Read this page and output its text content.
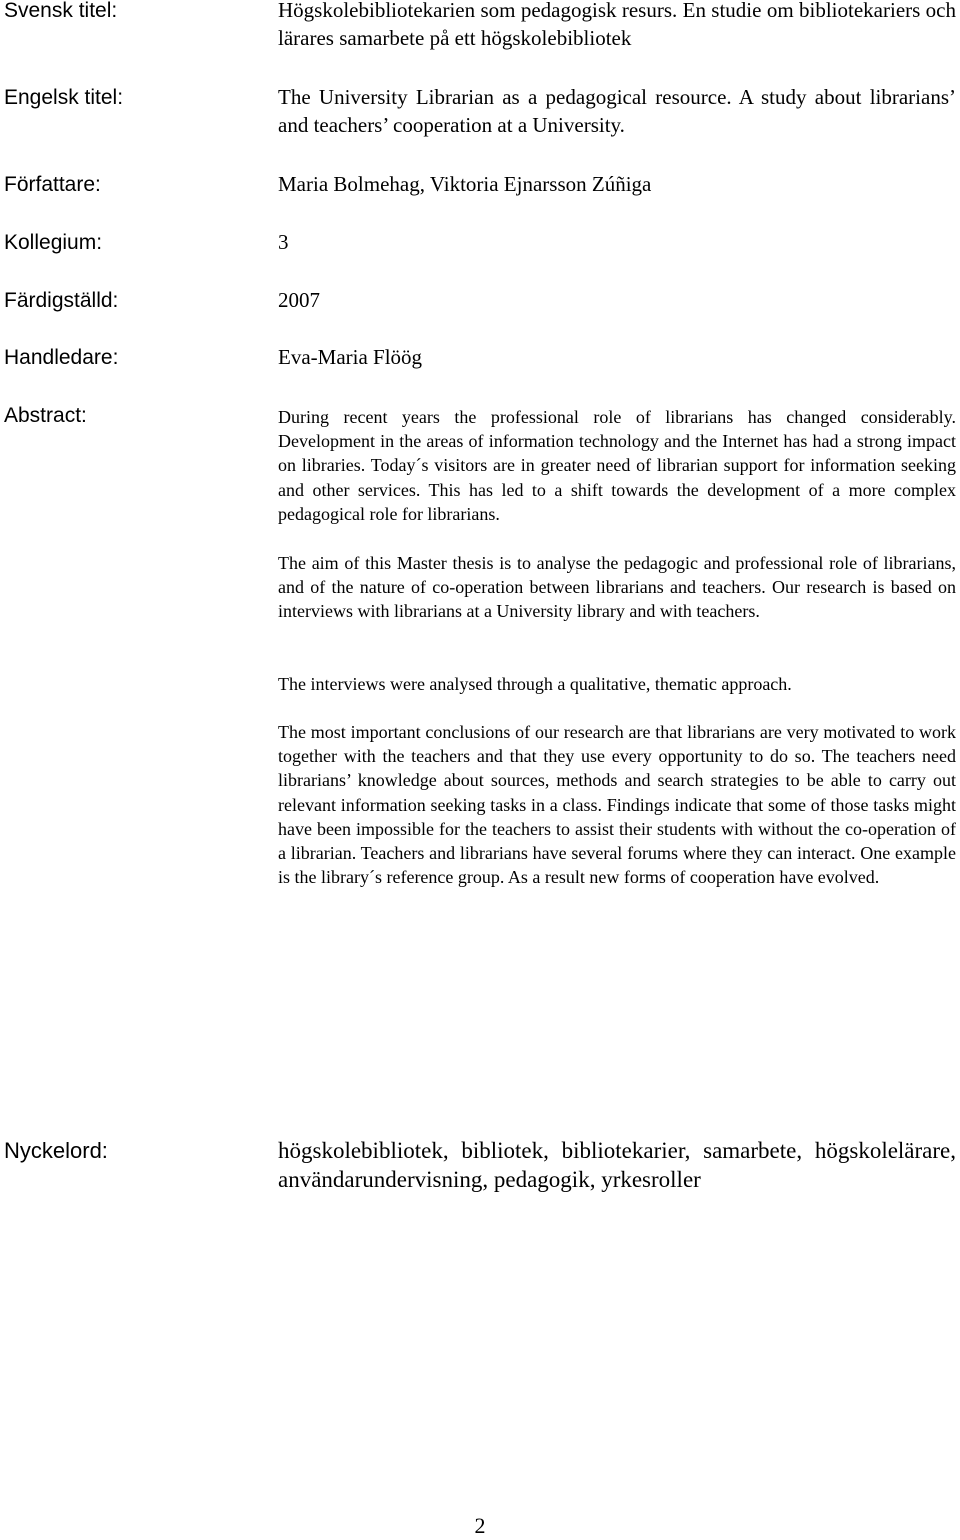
Svensk titel:	Högskolebibliotekarien som pedagogisk resurs. En studie om bibliotekariers och lärares samarbete på ett högskolebibliotek
Engelsk titel:	The University Librarian as a pedagogical resource. A study about librarians’ and teachers’ cooperation at a University.
Författare:	Maria Bolmehag, Viktoria Ejnarsson Zúñiga
Kollegium:	3
Färdigställd:	2007
Handledare:	Eva-Maria Flöög
Abstract:	During recent years the professional role of librarians has changed considerably. Development in the areas of information technology and the Internet has had a strong impact on libraries. Today´s visitors are in greater need of librarian support for information seeking and other services. This has led to a shift towards the development of a more complex pedagogical role for librarians.
The aim of this Master thesis is to analyse the pedagogic and professional role of librarians, and of the nature of co-operation between librarians and teachers. Our research is based on interviews with librarians at a University library and with teachers.
The interviews were analysed through a qualitative, thematic approach.
The most important conclusions of our research are that librarians are very motivated to work together with the teachers and that they use every opportunity to do so. The teachers need librarians’ knowledge about sources, methods and search strategies to be able to carry out relevant information seeking tasks in a class. Findings indicate that some of those tasks might have been impossible for the teachers to assist their students with without the co-operation of a librarian. Teachers and librarians have several forums where they can interact. One example is the library´s reference group. As a result new forms of cooperation have evolved.
Nyckelord:	högskolebibliotek, bibliotek, bibliotekarier, samarbete, högskolelärare, användarundervisning, pedagogik, yrkesroller
2
